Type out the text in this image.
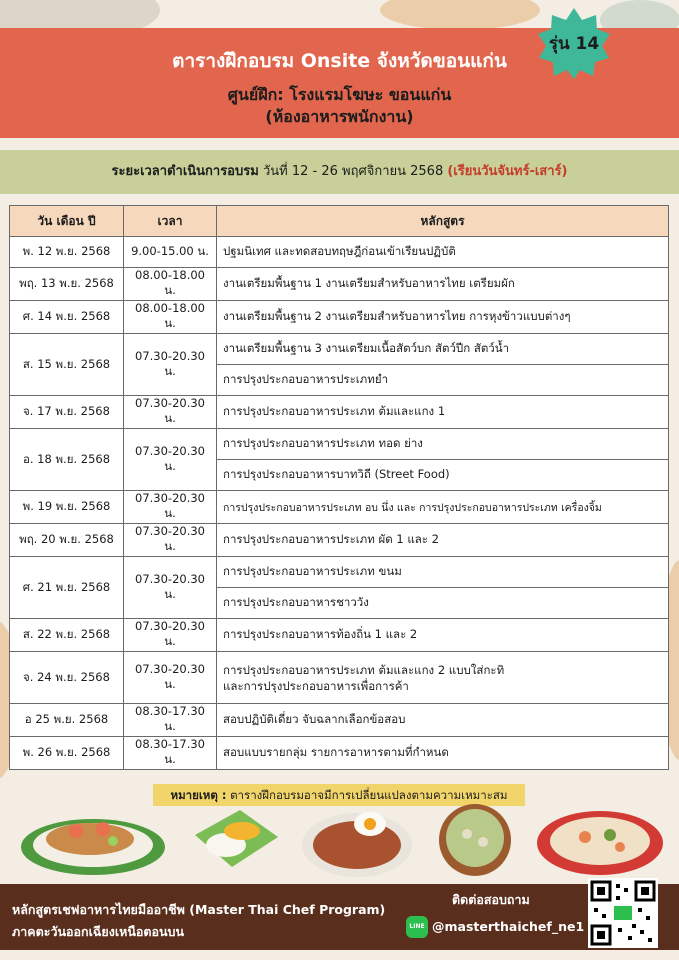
ตารางฝึกอบรม Onsite จังหวัดขอนแก่น
ศูนย์ฝึก: โรงแรมโฆษะ ขอนแก่น
(ห้องอาหารพนักงาน)
รุ่น 14
ระยะเวลาดำเนินการอบรม วันที่ 12 - 26 พฤศจิกายน 2568 (เรียนวันจันทร์-เสาร์)
วัน เดือน ปี	เวลา	หลักสูตร
พ. 12 พ.ย. 2568	9.00-15.00 น.	ปฐมนิเทศ และทดสอบทฤษฎีก่อนเข้าเรียนปฏิบัติ
พฤ. 13 พ.ย. 2568	08.00-18.00 น.	งานเตรียมพื้นฐาน 1 งานเตรียมสำหรับอาหารไทย เตรียมผัก
ศ. 14 พ.ย. 2568	08.00-18.00 น.	งานเตรียมพื้นฐาน 2 งานเตรียมสำหรับอาหารไทย การหุงข้าวแบบต่างๆ
ส. 15 พ.ย. 2568	07.30-20.30 น.	งานเตรียมพื้นฐาน 3 งานเตรียมเนื้อสัตว์บก สัตว์ปีก สัตว์น้ำ
		การปรุงประกอบอาหารประเภทยำ
จ. 17 พ.ย. 2568	07.30-20.30 น.	การปรุงประกอบอาหารประเภท ต้มและแกง 1
อ. 18 พ.ย. 2568	07.30-20.30 น.	การปรุงประกอบอาหารประเภท ทอด ย่าง
		การปรุงประกอบอาหารบาทวิถี (Street Food)
พ. 19 พ.ย. 2568	07.30-20.30 น.	การปรุงประกอบอาหารประเภท อบ นึ่ง และ การปรุงประกอบอาหารประเภท เครื่องจิ้ม
พฤ. 20 พ.ย. 2568	07.30-20.30 น.	การปรุงประกอบอาหารประเภท ผัด 1 และ 2
ศ. 21 พ.ย. 2568	07.30-20.30 น.	การปรุงประกอบอาหารประเภท ขนม
		การปรุงประกอบอาหารชาววัง
ส. 22 พ.ย. 2568	07.30-20.30 น.	การปรุงประกอบอาหารท้องถิ่น 1 และ 2
จ. 24 พ.ย. 2568	07.30-20.30 น.	การปรุงประกอบอาหารประเภท ต้มและแกง 2 แบบใส่กะทิ
และการปรุงประกอบอาหารเพื่อการค้า

อ 25 พ.ย. 2568	08.30-17.30 น.	สอบปฏิบัติเดี่ยว จับฉลากเลือกข้อสอบ
พ. 26 พ.ย. 2568	08.30-17.30 น.	สอบแบบรายกลุ่ม รายการอาหารตามที่กำหนด
หมายเหตุ : ตารางฝึกอบรมอาจมีการเปลี่ยนแปลงตามความเหมาะสม
หลักสูตรเชฟอาหารไทยมืออาชีพ (Master Thai Chef Program)
ภาคตะวันออกเฉียงเหนือตอนบน
ติดต่อสอบถาม
LINE @masterthaichef_ne1
